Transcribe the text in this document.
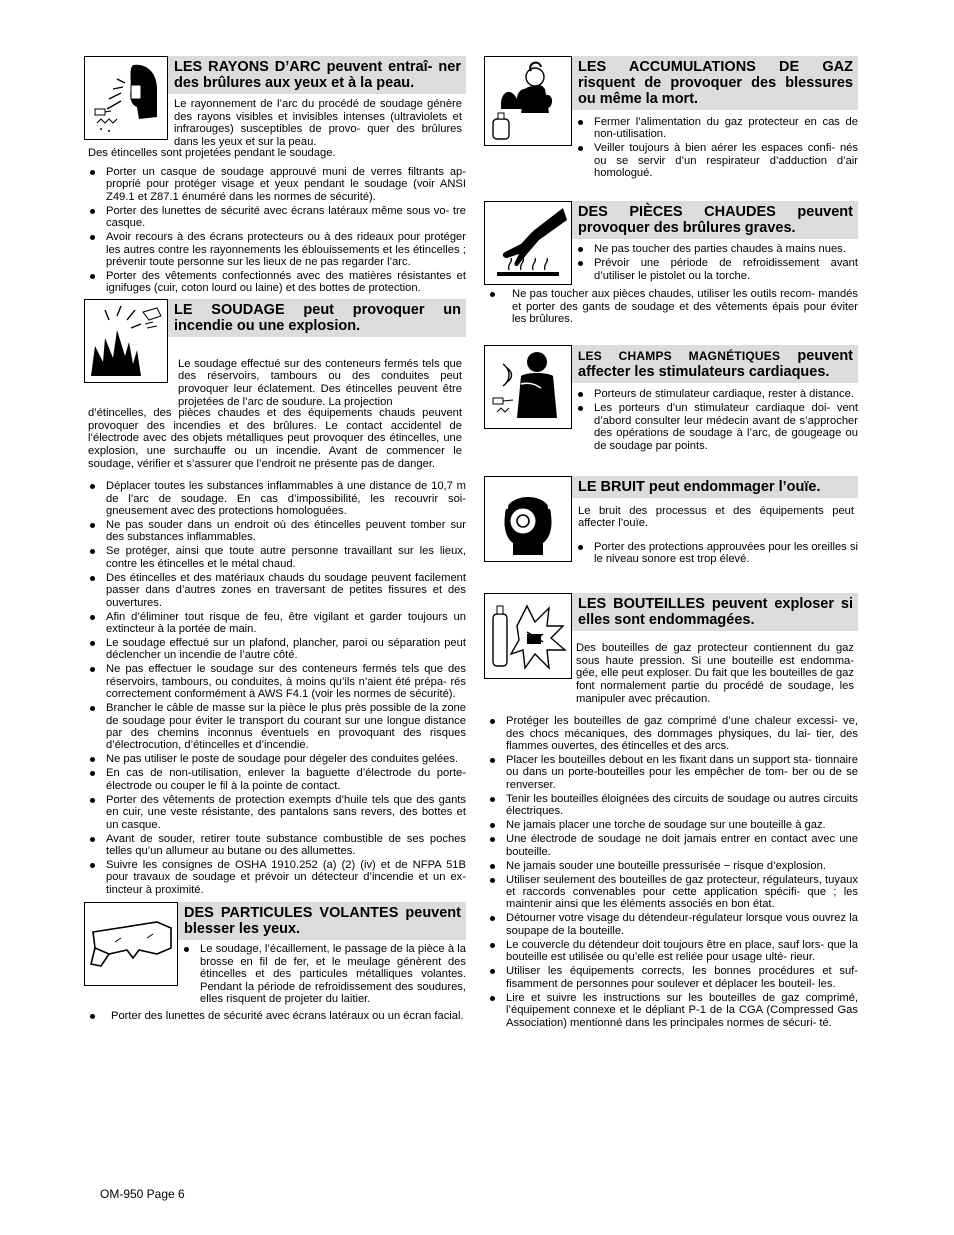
LES RAYONS D’ARC peuvent entraî- ner des brûlures aux yeux et à la peau.

Le rayonnement de l’arc du procédé de soudage génère des rayons visibles et invisibles intenses (ultraviolets et infrarouges) susceptibles de provo- quer des brûlures dans les yeux et sur la peau.

Des étincelles sont projetées pendant le soudage.

Porter un casque de soudage approuvé muni de verres filtrants ap- proprié pour protéger visage et yeux pendant le soudage (voir ANSI Z49.1 et Z87.1 énuméré dans les normes de sécurité).
Porter des lunettes de sécurité avec écrans latéraux même sous vo- tre casque.
Avoir recours à des écrans protecteurs ou à des rideaux pour protéger les autres contre les rayonnements les éblouissements et les étincelles ; prévenir toute personne sur les lieux de ne pas regarder l’arc.
Porter des vêtements confectionnés avec des matières résistantes et ignifuges (cuir, coton lourd ou laine) et des bottes de protection.
LE SOUDAGE peut provoquer un incendie ou une explosion.

Le soudage effectué sur des conteneurs fermés tels que des réservoirs, tambours ou des conduites peut provoquer leur éclatement. Des étincelles peuvent être projetées de l’arc de soudure. La projection

d’étincelles, des pièces chaudes et des équipements chauds peuvent provoquer des incendies et des brûlures. Le contact accidentel de l’électrode avec des objets métalliques peut provoquer des étincelles, une explosion, une surchauffe ou un incendie. Avant de commencer le soudage, vérifier et s’assurer que l’endroit ne présente pas de danger.

Déplacer toutes les substances inflammables à une distance de 10,7 m de l’arc de soudage. En cas d’impossibilité, les recouvrir soi- gneusement avec des protections homologuées.
Ne pas souder dans un endroit où des étincelles peuvent tomber sur des substances inflammables.
Se protéger, ainsi que toute autre personne travaillant sur les lieux, contre les étincelles et le métal chaud.
Des étincelles et des matériaux chauds du soudage peuvent facilement passer dans d’autres zones en traversant de petites fissures et des ouvertures.
Afin d’éliminer tout risque de feu, être vigilant et garder toujours un extincteur à la portée de main.
Le soudage effectué sur un plafond, plancher, paroi ou séparation peut déclencher un incendie de l’autre côté.
Ne pas effectuer le soudage sur des conteneurs fermés tels que des réservoirs, tambours, ou conduites, à moins qu’ils n’aient été prépa- rés correctement conformément à AWS F4.1 (voir les normes de sécurité).
Brancher le câble de masse sur la pièce le plus près possible de la zone de soudage pour éviter le transport du courant sur une longue distance par des chemins inconnus éventuels en provoquant des risques d’électrocution, d’étincelles et d’incendie.
Ne pas utiliser le poste de soudage pour dégeler des conduites gelées.
En cas de non-utilisation, enlever la baguette d’électrode du porte- électrode ou couper le fil à la pointe de contact.
Porter des vêtements de protection exempts d’huile tels que des gants en cuir, une veste résistante, des pantalons sans revers, des bottes et un casque.
Avant de souder, retirer toute substance combustible de ses poches telles qu’un allumeur au butane ou des allumettes.
Suivre les consignes de OSHA 1910.252 (a) (2) (iv) et de NFPA 51B pour travaux de soudage et prévoir un détecteur d’incendie et un ex- tincteur à proximité.
DES PARTICULES VOLANTES peuvent blesser les yeux.
Le soudage, l’écaillement, le passage de la pièce à la brosse en fil de fer, et le meulage génèrent des étincelles et des particules métalliques volantes. Pendant la période de refroidissement des soudures, elles risquent de projeter du laitier.
Porter des lunettes de sécurité avec écrans latéraux ou un écran facial.
LES ACCUMULATIONS DE GAZ risquent de provoquer des blessures ou même la mort.
Fermer l’alimentation du gaz protecteur en cas de non-utilisation.
Veiller toujours à bien aérer les espaces confi- nés ou se servir d’un respirateur d’adduction d’air homologué.
DES PIÈCES CHAUDES peuvent provoquer des brûlures graves.
Ne pas toucher des parties chaudes à mains nues.
Prévoir une période de refroidissement avant d’utiliser le pistolet ou la torche.
Ne pas toucher aux pièces chaudes, utiliser les outils recom- mandés et porter des gants de soudage et des vêtements épais pour éviter les brûlures.
LES CHAMPS MAGNÉTIQUES peuvent affecter les stimulateurs cardiaques.
Porteurs de stimulateur cardiaque, rester à distance.
Les porteurs d’un stimulateur cardiaque doi- vent d’abord consulter leur médecin avant de s’approcher des opérations de soudage à l’arc, de gougeage ou de soudage par points.
LE BRUIT peut endommager l’ouïe.

Le bruit des processus et des équipements peut affecter l’ouïe.

Porter des protections approuvées pour les oreilles si le niveau sonore est trop élevé.
LES BOUTEILLES peuvent exploser si elles sont endommagées.

Des bouteilles de gaz protecteur contiennent du gaz sous haute pression. Si une bouteille est endomma- gée, elle peut exploser. Du fait que les bouteilles de gaz font normalement partie du procédé de soudage, les manipuler avec précaution.

Protéger les bouteilles de gaz comprimé d’une chaleur excessi- ve, des chocs mécaniques, des dommages physiques, du lai- tier, des flammes ouvertes, des étincelles et des arcs.
Placer les bouteilles debout en les fixant dans un support sta- tionnaire ou dans un porte-bouteilles pour les empêcher de tom- ber ou de se renverser.
Tenir les bouteilles éloignées des circuits de soudage ou autres circuits électriques.
Ne jamais placer une torche de soudage sur une bouteille à gaz.
Une électrode de soudage ne doit jamais entrer en contact avec une bouteille.
Ne jamais souder une bouteille pressurisée − risque d’explosion.
Utiliser seulement des bouteilles de gaz protecteur, régulateurs, tuyaux et raccords convenables pour cette application spécifi- que ; les maintenir ainsi que les éléments associés en bon état.
Détourner votre visage du détendeur-régulateur lorsque vous ouvrez la soupape de la bouteille.
Le couvercle du détendeur doit toujours être en place, sauf lors- que la bouteille est utilisée ou qu’elle est reliée pour usage ulté- rieur.
Utiliser les équipements corrects, les bonnes procédures et suf- fisamment de personnes pour soulever et déplacer les bouteil- les.
Lire et suivre les instructions sur les bouteilles de gaz comprimé, l’équipement connexe et le dépliant P-1 de la CGA (Compressed Gas Association) mentionné dans les principales normes de sécuri- té.
OM-950 Page 6
